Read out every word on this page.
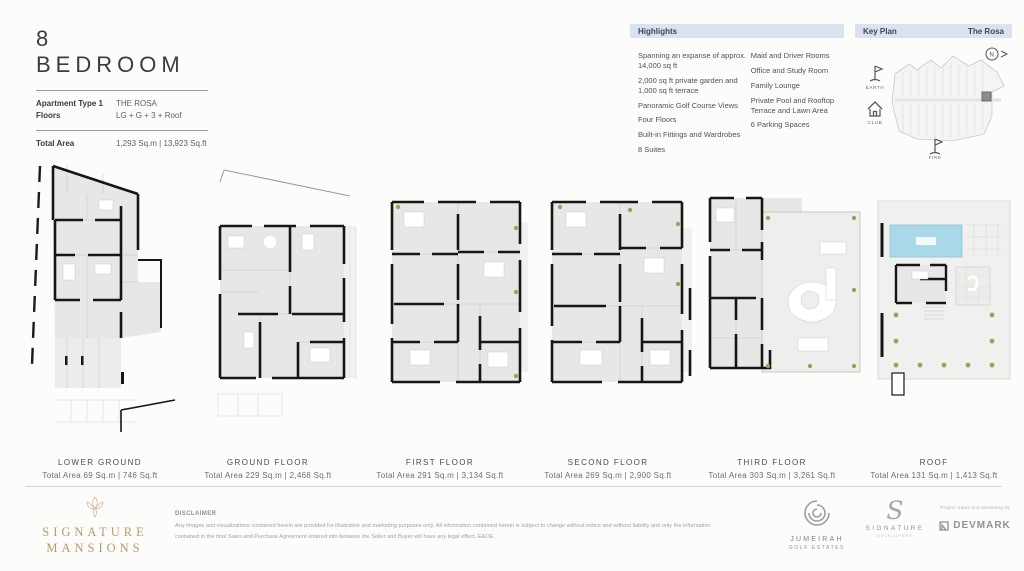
8 BEDROOM
Apartment Type 1	THE ROSA
Floors	LG + G + 3 + Roof
Total Area	1,293 Sq.m | 13,923 Sq.ft
Highlights
Spanning an expanse of approx. 14,000 sq ft
2,000 sq ft private garden and 1,000 sq ft terrace
Panoramic Golf Course Views
Four Floors
Built-in Fittings and Wardrobes
8 Suites
Maid and Driver Rooms
Office and Study Room
Family Lounge
Private Pool and Rooftop Terrace and Lawn Area
6 Parking Spaces
Key Plan	The Rosa
N
EARTH
CLUB
FIRE
LOWER GROUND
Total Area 69 Sq.m | 746 Sq.ft
GROUND FLOOR
Total Area 229 Sq.m | 2,468 Sq.ft
FIRST FLOOR
Total Area 291 Sq.m | 3,134 Sq.ft
SECOND FLOOR
Total Area 269 Sq.m | 2,900 Sq.ft
THIRD FLOOR
Total Area 303 Sq.m | 3,261 Sq.ft
ROOF
Total Area 131 Sq.m | 1,413 Sq.ft
SIGNATURE
MANSIONS
DISCLAIMER
Any images and visualizations contained herein are provided for illustrative and marketing purposes only. All information contained herein is subject to change without notice and without liability and only the information
contained in the final Sales and Purchase Agreement entered into between the Seller and Buyer will have any legal effect. E&OE.	JUMEIRAH
GOLF ESTATES
S
SIGNATURE
DEVELOPERS
Project Sales and Marketing by
DEVMARK
